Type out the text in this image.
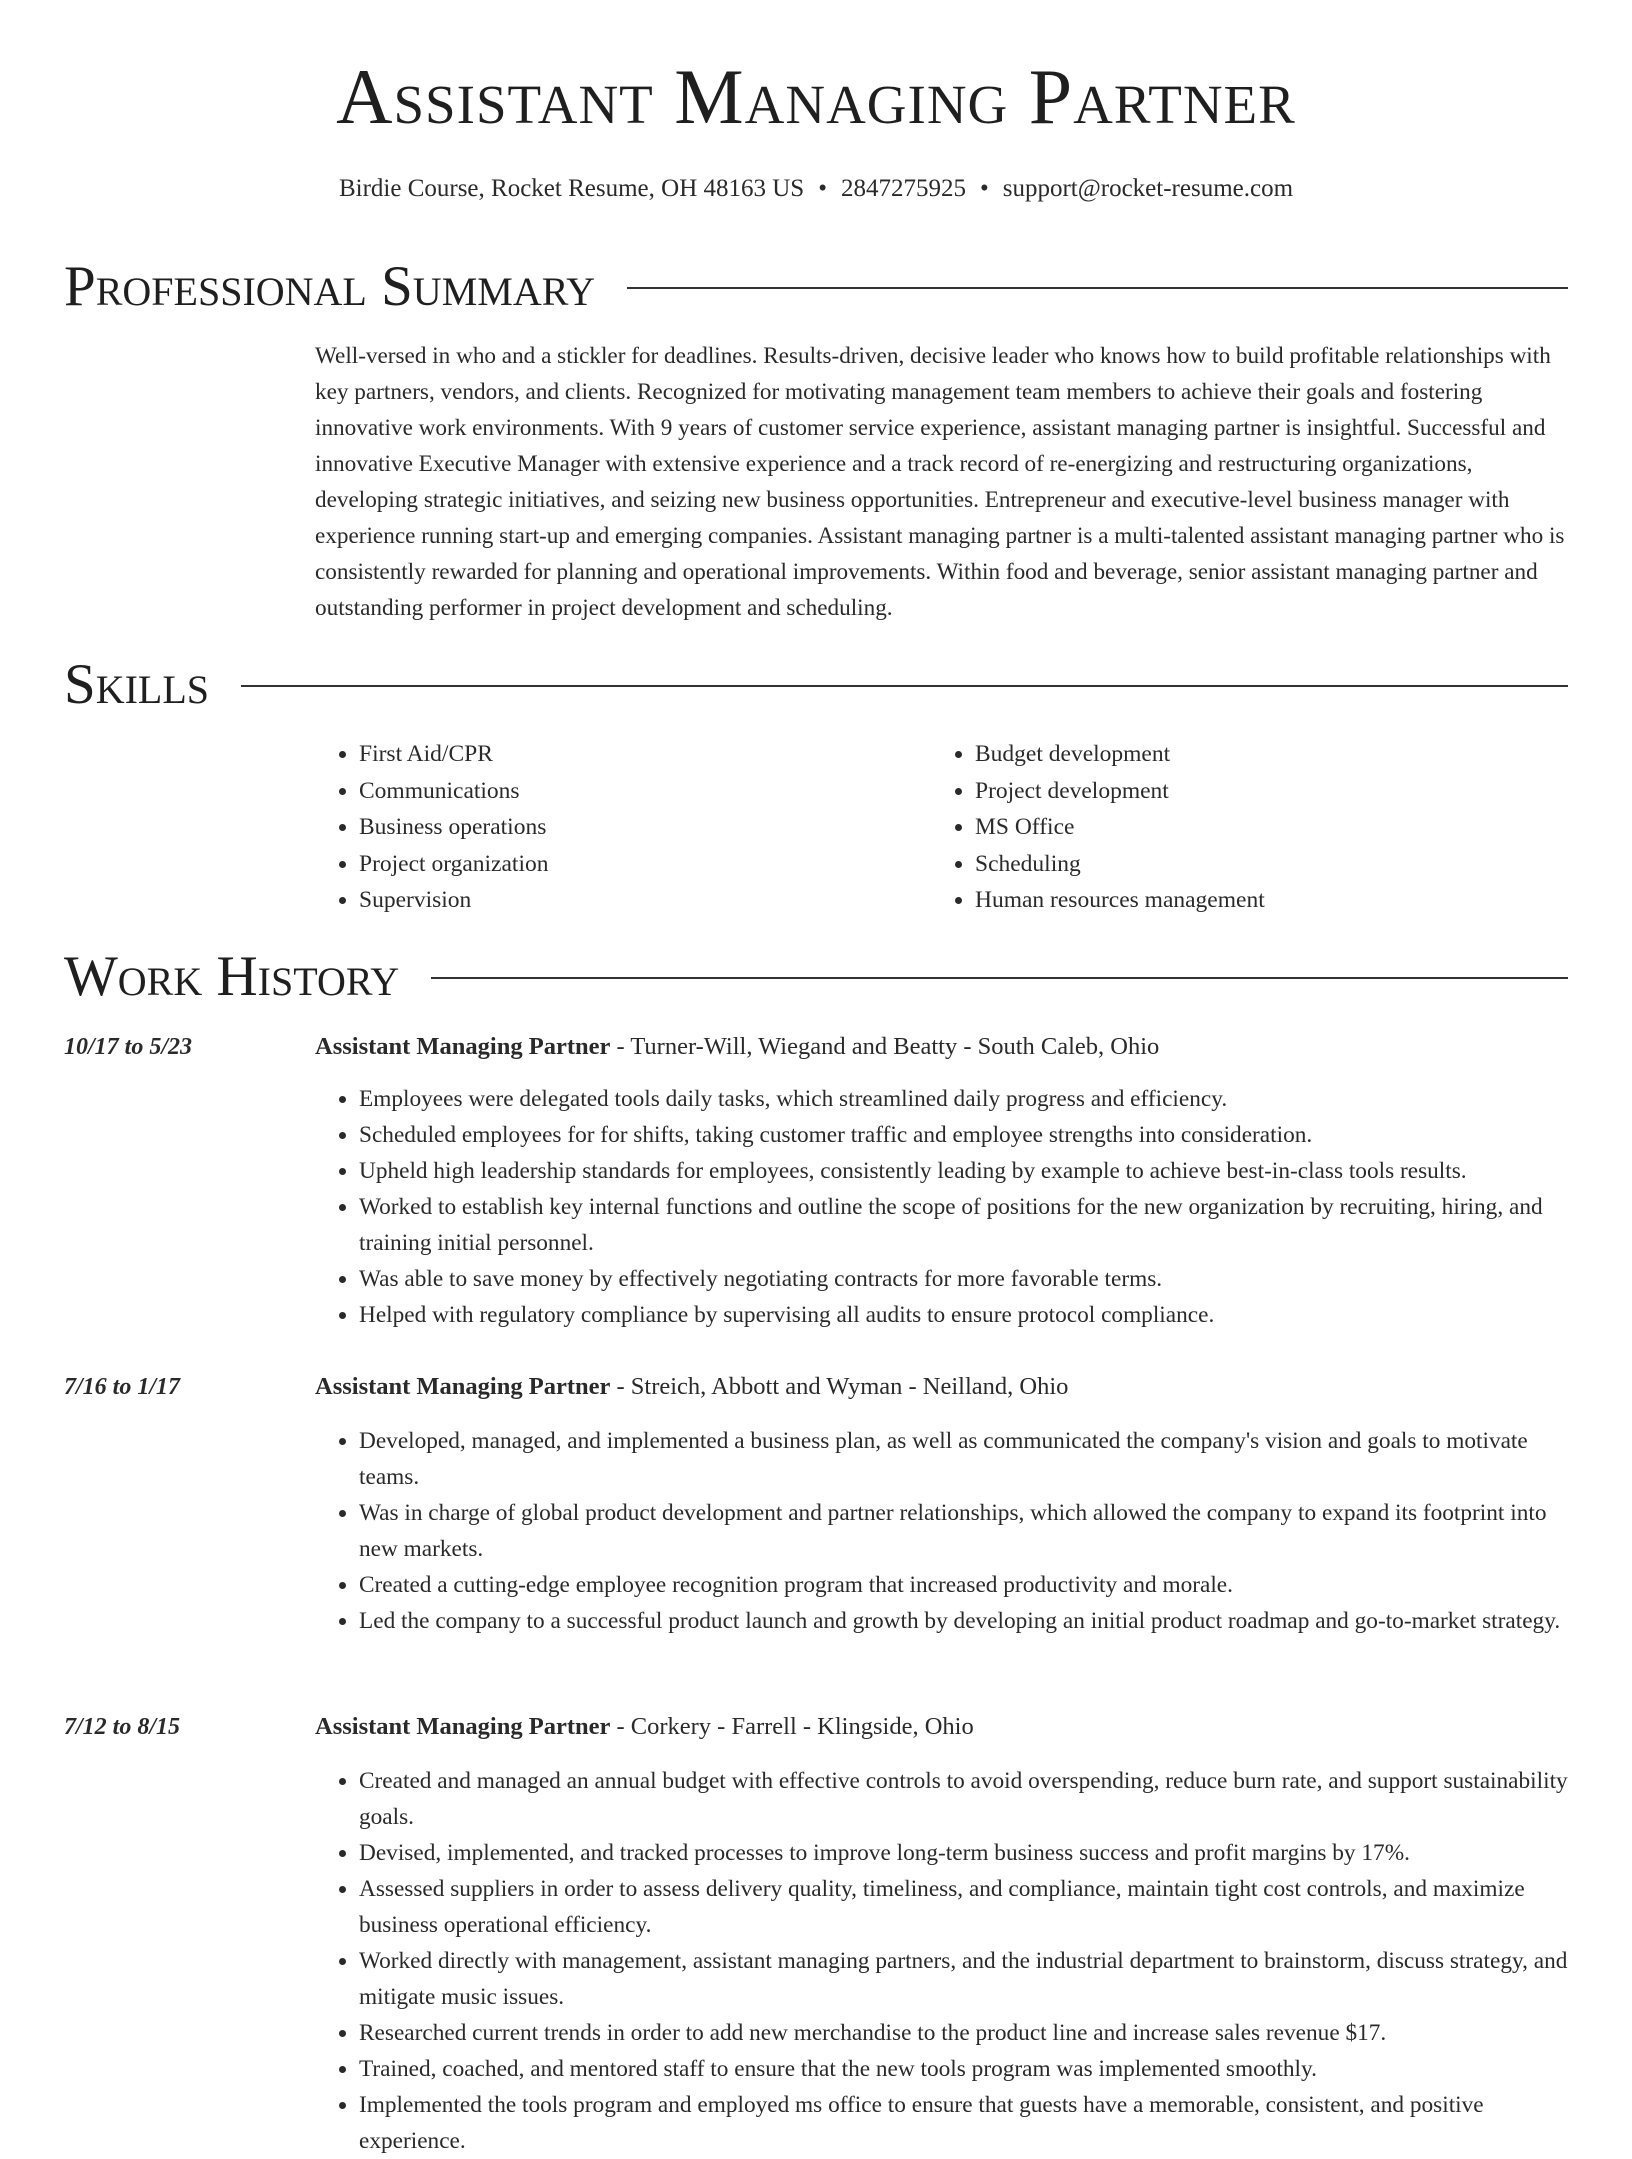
Assistant Managing Partner
Birdie Course, Rocket Resume, OH 48163 US • 2847275925 • support@rocket-resume.com
Professional Summary

Well-versed in who and a stickler for deadlines. Results-driven, decisive leader who knows how to build profitable relationships with key partners, vendors, and clients. Recognized for motivating management team members to achieve their goals and fostering innovative work environments. With 9 years of customer service experience, assistant managing partner is insightful. Successful and innovative Executive Manager with extensive experience and a track record of re-energizing and restructuring organizations, developing strategic initiatives, and seizing new business opportunities. Entrepreneur and executive-level business manager with experience running start-up and emerging companies. Assistant managing partner is a multi-talented assistant managing partner who is consistently rewarded for planning and operational improvements. Within food and beverage, senior assistant managing partner and outstanding performer in project development and scheduling.

Skills
• First Aid/CPR
• Communications
• Business operations
• Project organization
• Supervision
• Budget development
• Project development
• MS Office
• Scheduling
• Human resources management
Work History
10/17 to 5/23	Assistant Managing Partner - Turner-Will, Wiegand and Beatty - South Caleb, Ohio
• Employees were delegated tools daily tasks, which streamlined daily progress and efficiency.
• Scheduled employees for for shifts, taking customer traffic and employee strengths into consideration.
• Upheld high leadership standards for employees, consistently leading by example to achieve best-in-class tools results.
• Worked to establish key internal functions and outline the scope of positions for the new organization by recruiting, hiring, and training initial personnel.
• Was able to save money by effectively negotiating contracts for more favorable terms.
• Helped with regulatory compliance by supervising all audits to ensure protocol compliance.
7/16 to 1/17	Assistant Managing Partner - Streich, Abbott and Wyman - Neilland, Ohio
• Developed, managed, and implemented a business plan, as well as communicated the company's vision and goals to motivate teams.
• Was in charge of global product development and partner relationships, which allowed the company to expand its footprint into new markets.
• Created a cutting-edge employee recognition program that increased productivity and morale.
• Led the company to a successful product launch and growth by developing an initial product roadmap and go-to-market strategy.
7/12 to 8/15	Assistant Managing Partner - Corkery - Farrell - Klingside, Ohio
• Created and managed an annual budget with effective controls to avoid overspending, reduce burn rate, and support sustainability goals.
• Devised, implemented, and tracked processes to improve long-term business success and profit margins by 17%.
• Assessed suppliers in order to assess delivery quality, timeliness, and compliance, maintain tight cost controls, and maximize business operational efficiency.
• Worked directly with management, assistant managing partners, and the industrial department to brainstorm, discuss strategy, and mitigate music issues.
• Researched current trends in order to add new merchandise to the product line and increase sales revenue $17.
• Trained, coached, and mentored staff to ensure that the new tools program was implemented smoothly.
• Implemented the tools program and employed ms office to ensure that guests have a memorable, consistent, and positive experience.
